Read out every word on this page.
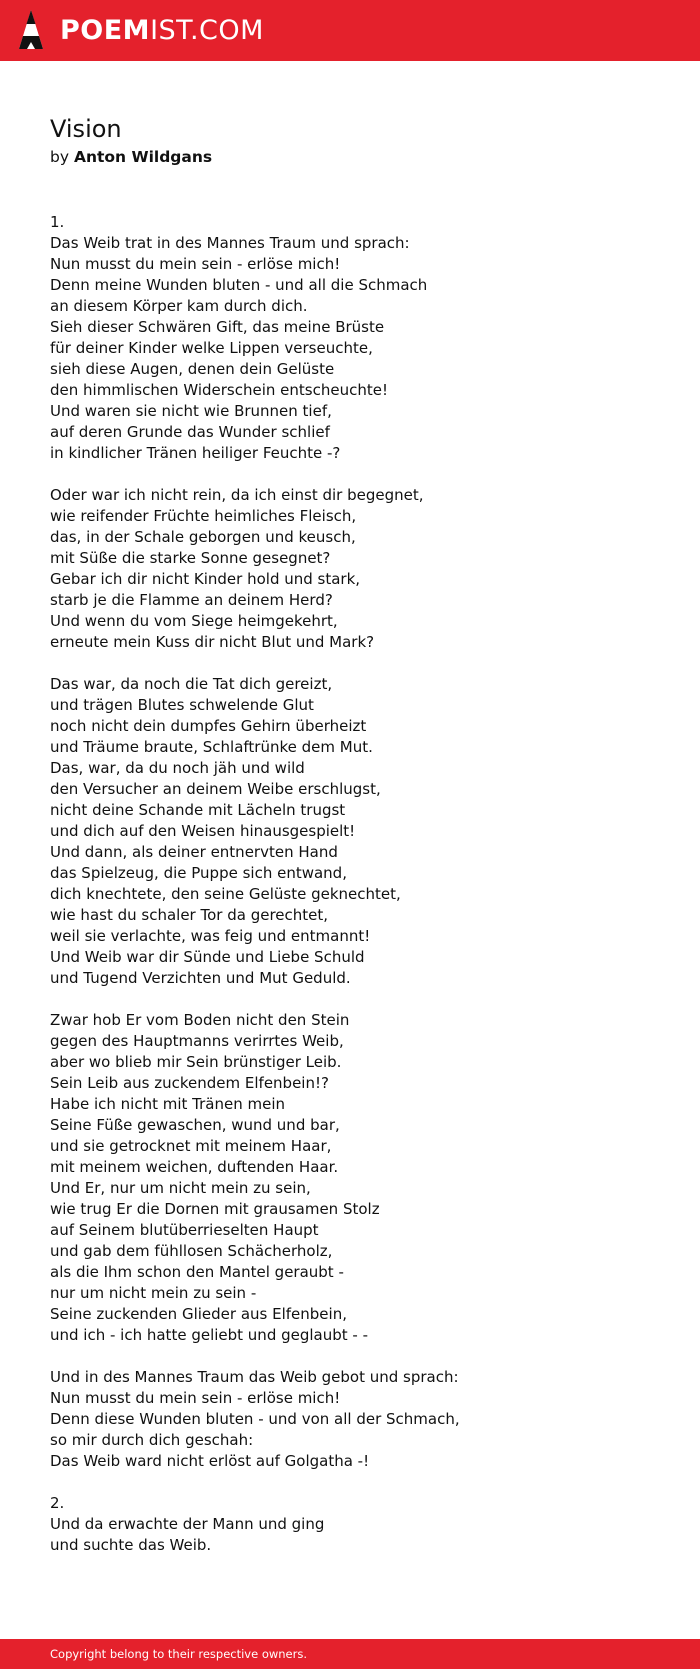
POEMIST.COM
Vision
by Anton Wildgans
1.
Das Weib trat in des Mannes Traum und sprach:
Nun musst du mein sein - erlöse mich!
Denn meine Wunden bluten - und all die Schmach
an diesem Körper kam durch dich.
Sieh dieser Schwären Gift, das meine Brüste
für deiner Kinder welke Lippen verseuchte,
sieh diese Augen, denen dein Gelüste
den himmlischen Widerschein entscheuchte!
Und waren sie nicht wie Brunnen tief,
auf deren Grunde das Wunder schlief
in kindlicher Tränen heiliger Feuchte -?
Oder war ich nicht rein, da ich einst dir begegnet,
wie reifender Früchte heimliches Fleisch,
das, in der Schale geborgen und keusch,
mit Süße die starke Sonne gesegnet?
Gebar ich dir nicht Kinder hold und stark,
starb je die Flamme an deinem Herd?
Und wenn du vom Siege heimgekehrt,
erneute mein Kuss dir nicht Blut und Mark?
Das war, da noch die Tat dich gereizt,
und trägen Blutes schwelende Glut
noch nicht dein dumpfes Gehirn überheizt
und Träume braute, Schlaftrünke dem Mut.
Das, war, da du noch jäh und wild
den Versucher an deinem Weibe erschlugst,
nicht deine Schande mit Lächeln trugst
und dich auf den Weisen hinausgespielt!
Und dann, als deiner entnervten Hand
das Spielzeug, die Puppe sich entwand,
dich knechtete, den seine Gelüste geknechtet,
wie hast du schaler Tor da gerechtet,
weil sie verlachte, was feig und entmannt!
Und Weib war dir Sünde und Liebe Schuld
und Tugend Verzichten und Mut Geduld.
Zwar hob Er vom Boden nicht den Stein
gegen des Hauptmanns verirrtes Weib,
aber wo blieb mir Sein brünstiger Leib.
Sein Leib aus zuckendem Elfenbein!?
Habe ich nicht mit Tränen mein
Seine Füße gewaschen, wund und bar,
und sie getrocknet mit meinem Haar,
mit meinem weichen, duftenden Haar.
Und Er, nur um nicht mein zu sein,
wie trug Er die Dornen mit grausamen Stolz
auf Seinem blutüberrieselten Haupt
und gab dem fühllosen Schächerholz,
als die Ihm schon den Mantel geraubt -
nur um nicht mein zu sein -
Seine zuckenden Glieder aus Elfenbein,
und ich - ich hatte geliebt und geglaubt - -
Und in des Mannes Traum das Weib gebot und sprach:
Nun musst du mein sein - erlöse mich!
Denn diese Wunden bluten - und von all der Schmach,
so mir durch dich geschah:
Das Weib ward nicht erlöst auf Golgatha -!
2.
Und da erwachte der Mann und ging
und suchte das Weib.
Copyright belong to their respective owners.
